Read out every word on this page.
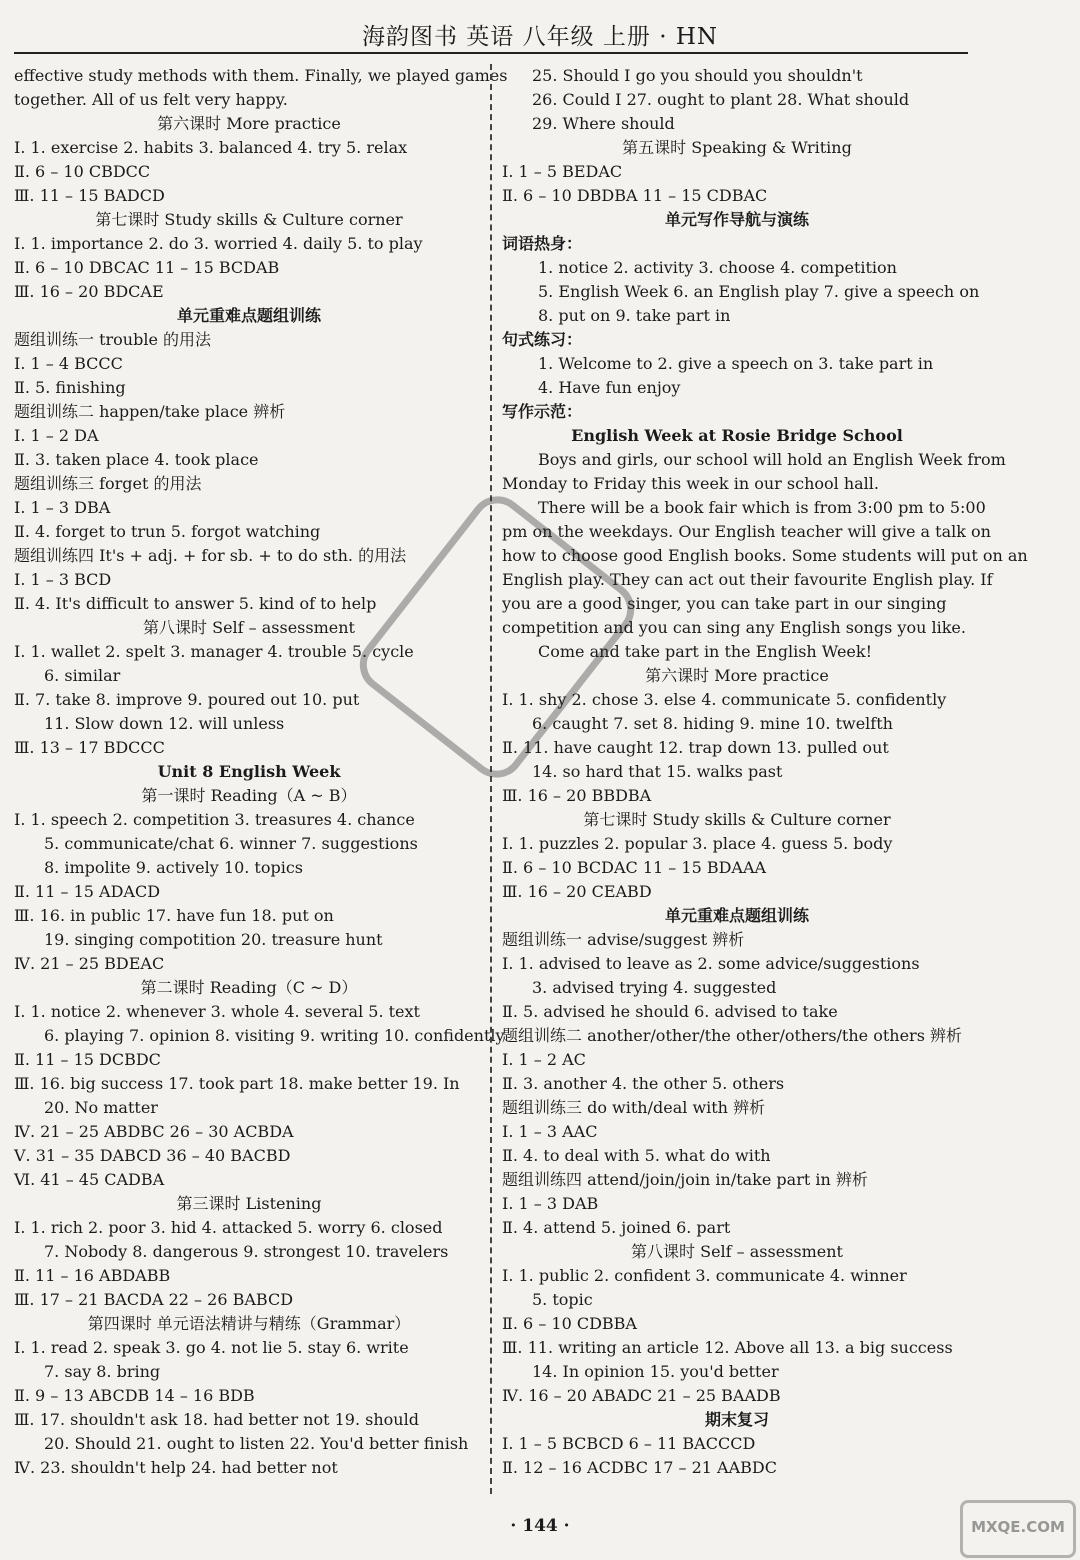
海韵图书 英语 八年级 上册 · HN
effective study methods with them. Finally, we played games
together. All of us felt very happy.
第六课时 More practice
Ⅰ. 1. exercise 2. habits 3. balanced 4. try 5. relax
Ⅱ. 6 – 10 CBDCC
Ⅲ. 11 – 15 BADCD
第七课时 Study skills & Culture corner
Ⅰ. 1. importance 2. do 3. worried 4. daily 5. to play
Ⅱ. 6 – 10 DBCAC 11 – 15 BCDAB
Ⅲ. 16 – 20 BDCAE
单元重难点题组训练
题组训练一 trouble 的用法
Ⅰ. 1 – 4 BCCC
Ⅱ. 5. finishing
题组训练二 happen/take place 辨析
Ⅰ. 1 – 2 DA
Ⅱ. 3. taken place 4. took place
题组训练三 forget 的用法
Ⅰ. 1 – 3 DBA
Ⅱ. 4. forget to trun 5. forgot watching
题组训练四 It's + adj. + for sb. + to do sth. 的用法
Ⅰ. 1 – 3 BCD
Ⅱ. 4. It's difficult to answer 5. kind of to help
第八课时 Self – assessment
Ⅰ. 1. wallet 2. spelt 3. manager 4. trouble 5. cycle
6. similar
Ⅱ. 7. take 8. improve 9. poured out 10. put
11. Slow down 12. will unless
Ⅲ. 13 – 17 BDCCC
Unit 8 English Week
第一课时 Reading（A ~ B）
Ⅰ. 1. speech 2. competition 3. treasures 4. chance
5. communicate/chat 6. winner 7. suggestions
8. impolite 9. actively 10. topics
Ⅱ. 11 – 15 ADACD
Ⅲ. 16. in public 17. have fun 18. put on
19. singing compotition 20. treasure hunt
Ⅳ. 21 – 25 BDEAC
第二课时 Reading（C ~ D）
Ⅰ. 1. notice 2. whenever 3. whole 4. several 5. text
6. playing 7. opinion 8. visiting 9. writing 10. confidently
Ⅱ. 11 – 15 DCBDC
Ⅲ. 16. big success 17. took part 18. make better 19. In
20. No matter
Ⅳ. 21 – 25 ABDBC 26 – 30 ACBDA
Ⅴ. 31 – 35 DABCD 36 – 40 BACBD
Ⅵ. 41 – 45 CADBA
第三课时 Listening
Ⅰ. 1. rich 2. poor 3. hid 4. attacked 5. worry 6. closed
7. Nobody 8. dangerous 9. strongest 10. travelers
Ⅱ. 11 – 16 ABDABB
Ⅲ. 17 – 21 BACDA 22 – 26 BABCD
第四课时 单元语法精讲与精练（Grammar）
Ⅰ. 1. read 2. speak 3. go 4. not lie 5. stay 6. write
7. say 8. bring
Ⅱ. 9 – 13 ABCDB 14 – 16 BDB
Ⅲ. 17. shouldn't ask 18. had better not 19. should
20. Should 21. ought to listen 22. You'd better finish
Ⅳ. 23. shouldn't help 24. had better not
25. Should I go you should you shouldn't
26. Could I 27. ought to plant 28. What should
29. Where should
第五课时 Speaking & Writing
Ⅰ. 1 – 5 BEDAC
Ⅱ. 6 – 10 DBDBA 11 – 15 CDBAC
单元写作导航与演练
词语热身：
1. notice 2. activity 3. choose 4. competition
5. English Week 6. an English play 7. give a speech on
8. put on 9. take part in
句式练习：
1. Welcome to 2. give a speech on 3. take part in
4. Have fun enjoy
写作示范：
English Week at Rosie Bridge School
Boys and girls, our school will hold an English Week from
Monday to Friday this week in our school hall.
There will be a book fair which is from 3:00 pm to 5:00
pm on the weekdays. Our English teacher will give a talk on
how to choose good English books. Some students will put on an
English play. They can act out their favourite English play. If
you are a good singer, you can take part in our singing
competition and you can sing any English songs you like.
Come and take part in the English Week!
第六课时 More practice
Ⅰ. 1. shy 2. chose 3. else 4. communicate 5. confidently
6. caught 7. set 8. hiding 9. mine 10. twelfth
Ⅱ. 11. have caught 12. trap down 13. pulled out
14. so hard that 15. walks past
Ⅲ. 16 – 20 BBDBA
第七课时 Study skills & Culture corner
Ⅰ. 1. puzzles 2. popular 3. place 4. guess 5. body
Ⅱ. 6 – 10 BCDAC 11 – 15 BDAAA
Ⅲ. 16 – 20 CEABD
单元重难点题组训练
题组训练一 advise/suggest 辨析
Ⅰ. 1. advised to leave as 2. some advice/suggestions
3. advised trying 4. suggested
Ⅱ. 5. advised he should 6. advised to take
题组训练二 another/other/the other/others/the others 辨析
Ⅰ. 1 – 2 AC
Ⅱ. 3. another 4. the other 5. others
题组训练三 do with/deal with 辨析
Ⅰ. 1 – 3 AAC
Ⅱ. 4. to deal with 5. what do with
题组训练四 attend/join/join in/take part in 辨析
Ⅰ. 1 – 3 DAB
Ⅱ. 4. attend 5. joined 6. part
第八课时 Self – assessment
Ⅰ. 1. public 2. confident 3. communicate 4. winner
5. topic
Ⅱ. 6 – 10 CDBBA
Ⅲ. 11. writing an article 12. Above all 13. a big success
14. In opinion 15. you'd better
Ⅳ. 16 – 20 ABADC 21 – 25 BAADB
期末复习
Ⅰ. 1 – 5 BCBCD 6 – 11 BACCCD
Ⅱ. 12 – 16 ACDBC 17 – 21 AABDC
· 144 ·	MXQE.COM
